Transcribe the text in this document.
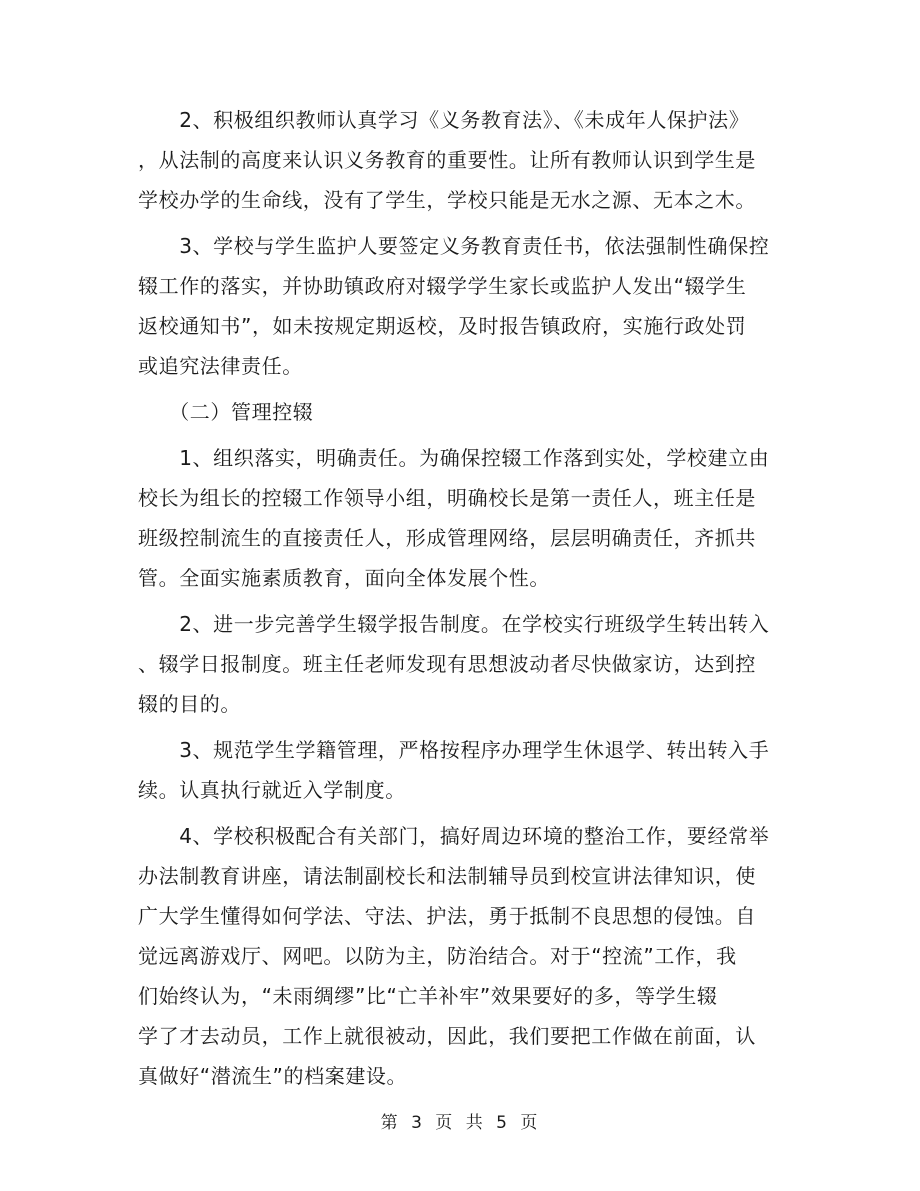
　　2、积极组织教师认真学习《义务教育法》、《未成年人保护法》
，从法制的高度来认识义务教育的重要性。让所有教师认识到学生是
学校办学的生命线，没有了学生，学校只能是无水之源、无本之木。

　　3、学校与学生监护人要签定义务教育责任书，依法强制性确保控
辍工作的落实，并协助镇政府对辍学学生家长或监护人发出“辍学生
返校通知书”，如未按规定期返校，及时报告镇政府，实施行政处罚
或追究法律责任。

　　（二）管理控辍

　　1、组织落实，明确责任。为确保控辍工作落到实处，学校建立由
校长为组长的控辍工作领导小组，明确校长是第一责任人，班主任是
班级控制流生的直接责任人，形成管理网络，层层明确责任，齐抓共
管。全面实施素质教育，面向全体发展个性。

　　2、进一步完善学生辍学报告制度。在学校实行班级学生转出转入
、辍学日报制度。班主任老师发现有思想波动者尽快做家访，达到控
辍的目的。

　　3、规范学生学籍管理，严格按程序办理学生休退学、转出转入手
续。认真执行就近入学制度。

　　4、学校积极配合有关部门，搞好周边环境的整治工作，要经常举
办法制教育讲座，请法制副校长和法制辅导员到校宣讲法律知识，使
广大学生懂得如何学法、守法、护法，勇于抵制不良思想的侵蚀。自
觉远离游戏厅、网吧。以防为主，防治结合。对于“控流”工作，我
们始终认为，“未雨绸缪”比“亡羊补牢”效果要好的多，等学生辍
学了才去动员，工作上就很被动，因此，我们要把工作做在前面，认
真做好“潜流生”的档案建设。

第 3 页 共 5 页
